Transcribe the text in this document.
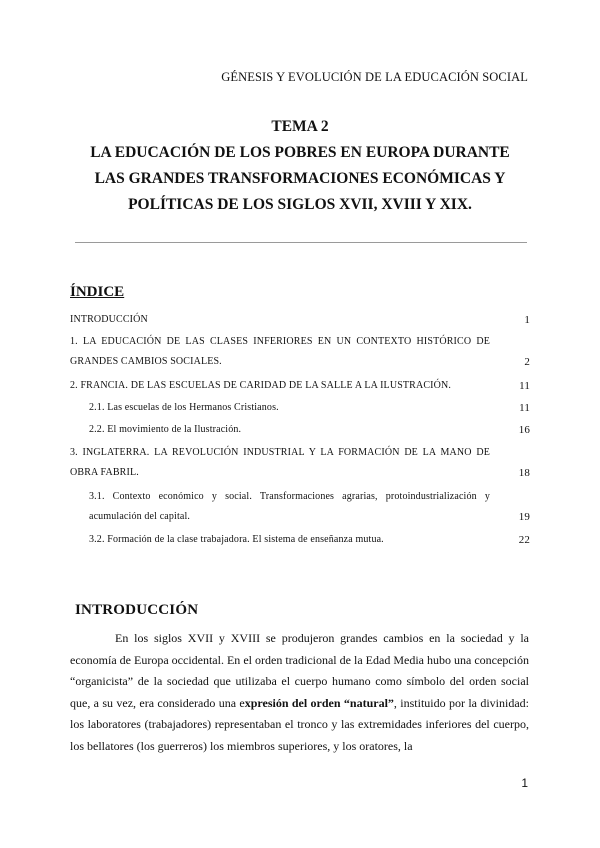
GÉNESIS Y EVOLUCIÓN DE LA EDUCACIÓN SOCIAL
TEMA 2
LA EDUCACIÓN DE LOS POBRES EN EUROPA DURANTE
LAS GRANDES TRANSFORMACIONES ECONÓMICAS Y
POLÍTICAS DE LOS SIGLOS XVII, XVIII Y XIX.
ÍNDICE
INTRODUCCIÓN	1
1. LA EDUCACIÓN DE LAS CLASES INFERIORES EN UN CONTEXTO HISTÓRICO DE GRANDES CAMBIOS SOCIALES.	2
2. FRANCIA. DE LAS ESCUELAS DE CARIDAD DE LA SALLE A LA ILUSTRACIÓN.	11
2.1. Las escuelas de los Hermanos Cristianos.	11
2.2. El movimiento de la Ilustración.	16
3. INGLATERRA. LA REVOLUCIÓN INDUSTRIAL Y LA FORMACIÓN DE LA MANO DE OBRA FABRIL.	18
3.1. Contexto económico y social. Transformaciones agrarias, protoindustrialización y acumulación del capital.	19
3.2. Formación de la clase trabajadora. El sistema de enseñanza mutua.	22
INTRODUCCIÓN

En los siglos XVII y XVIII se produjeron grandes cambios en la sociedad y la economía de Europa occidental. En el orden tradicional de la Edad Media hubo una concepción “organicista” de la sociedad que utilizaba el cuerpo humano como símbolo del orden social que, a su vez, era considerado una expresión del orden “natural”, instituido por la divinidad: los laboratores (trabajadores) representaban el tronco y las extremidades inferiores del cuerpo, los bellatores (los guerreros) los miembros superiores, y los oratores, la

1
